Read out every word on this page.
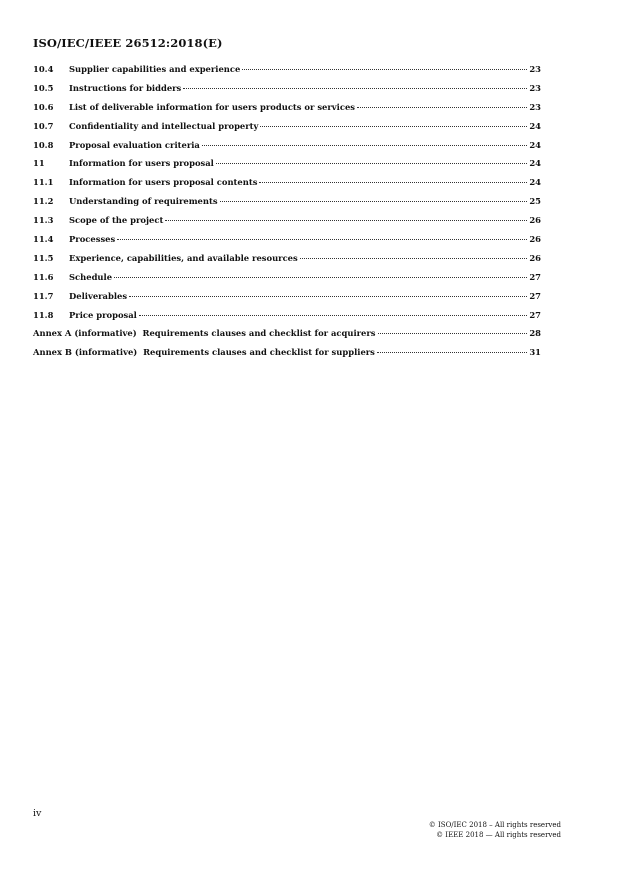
ISO/IEC/IEEE 26512:2018(E)
10.4	Supplier capabilities and experience	23
10.5	Instructions for bidders	23
10.6	List of deliverable information for users products or services	23
10.7	Confidentiality and intellectual property	24
10.8	Proposal evaluation criteria	24
11	Information for users proposal	24
11.1	Information for users proposal contents	24
11.2	Understanding of requirements	25
11.3	Scope of the project	26
11.4	Processes	26
11.5	Experience, capabilities, and available resources	26
11.6	Schedule	27
11.7	Deliverables	27
11.8	Price proposal	27
Annex A (informative)  Requirements clauses and checklist for acquirers	28
Annex B (informative)  Requirements clauses and checklist for suppliers	31
iv
© ISO/IEC 2018 – All rights reserved
© IEEE 2018 — All rights reserved
